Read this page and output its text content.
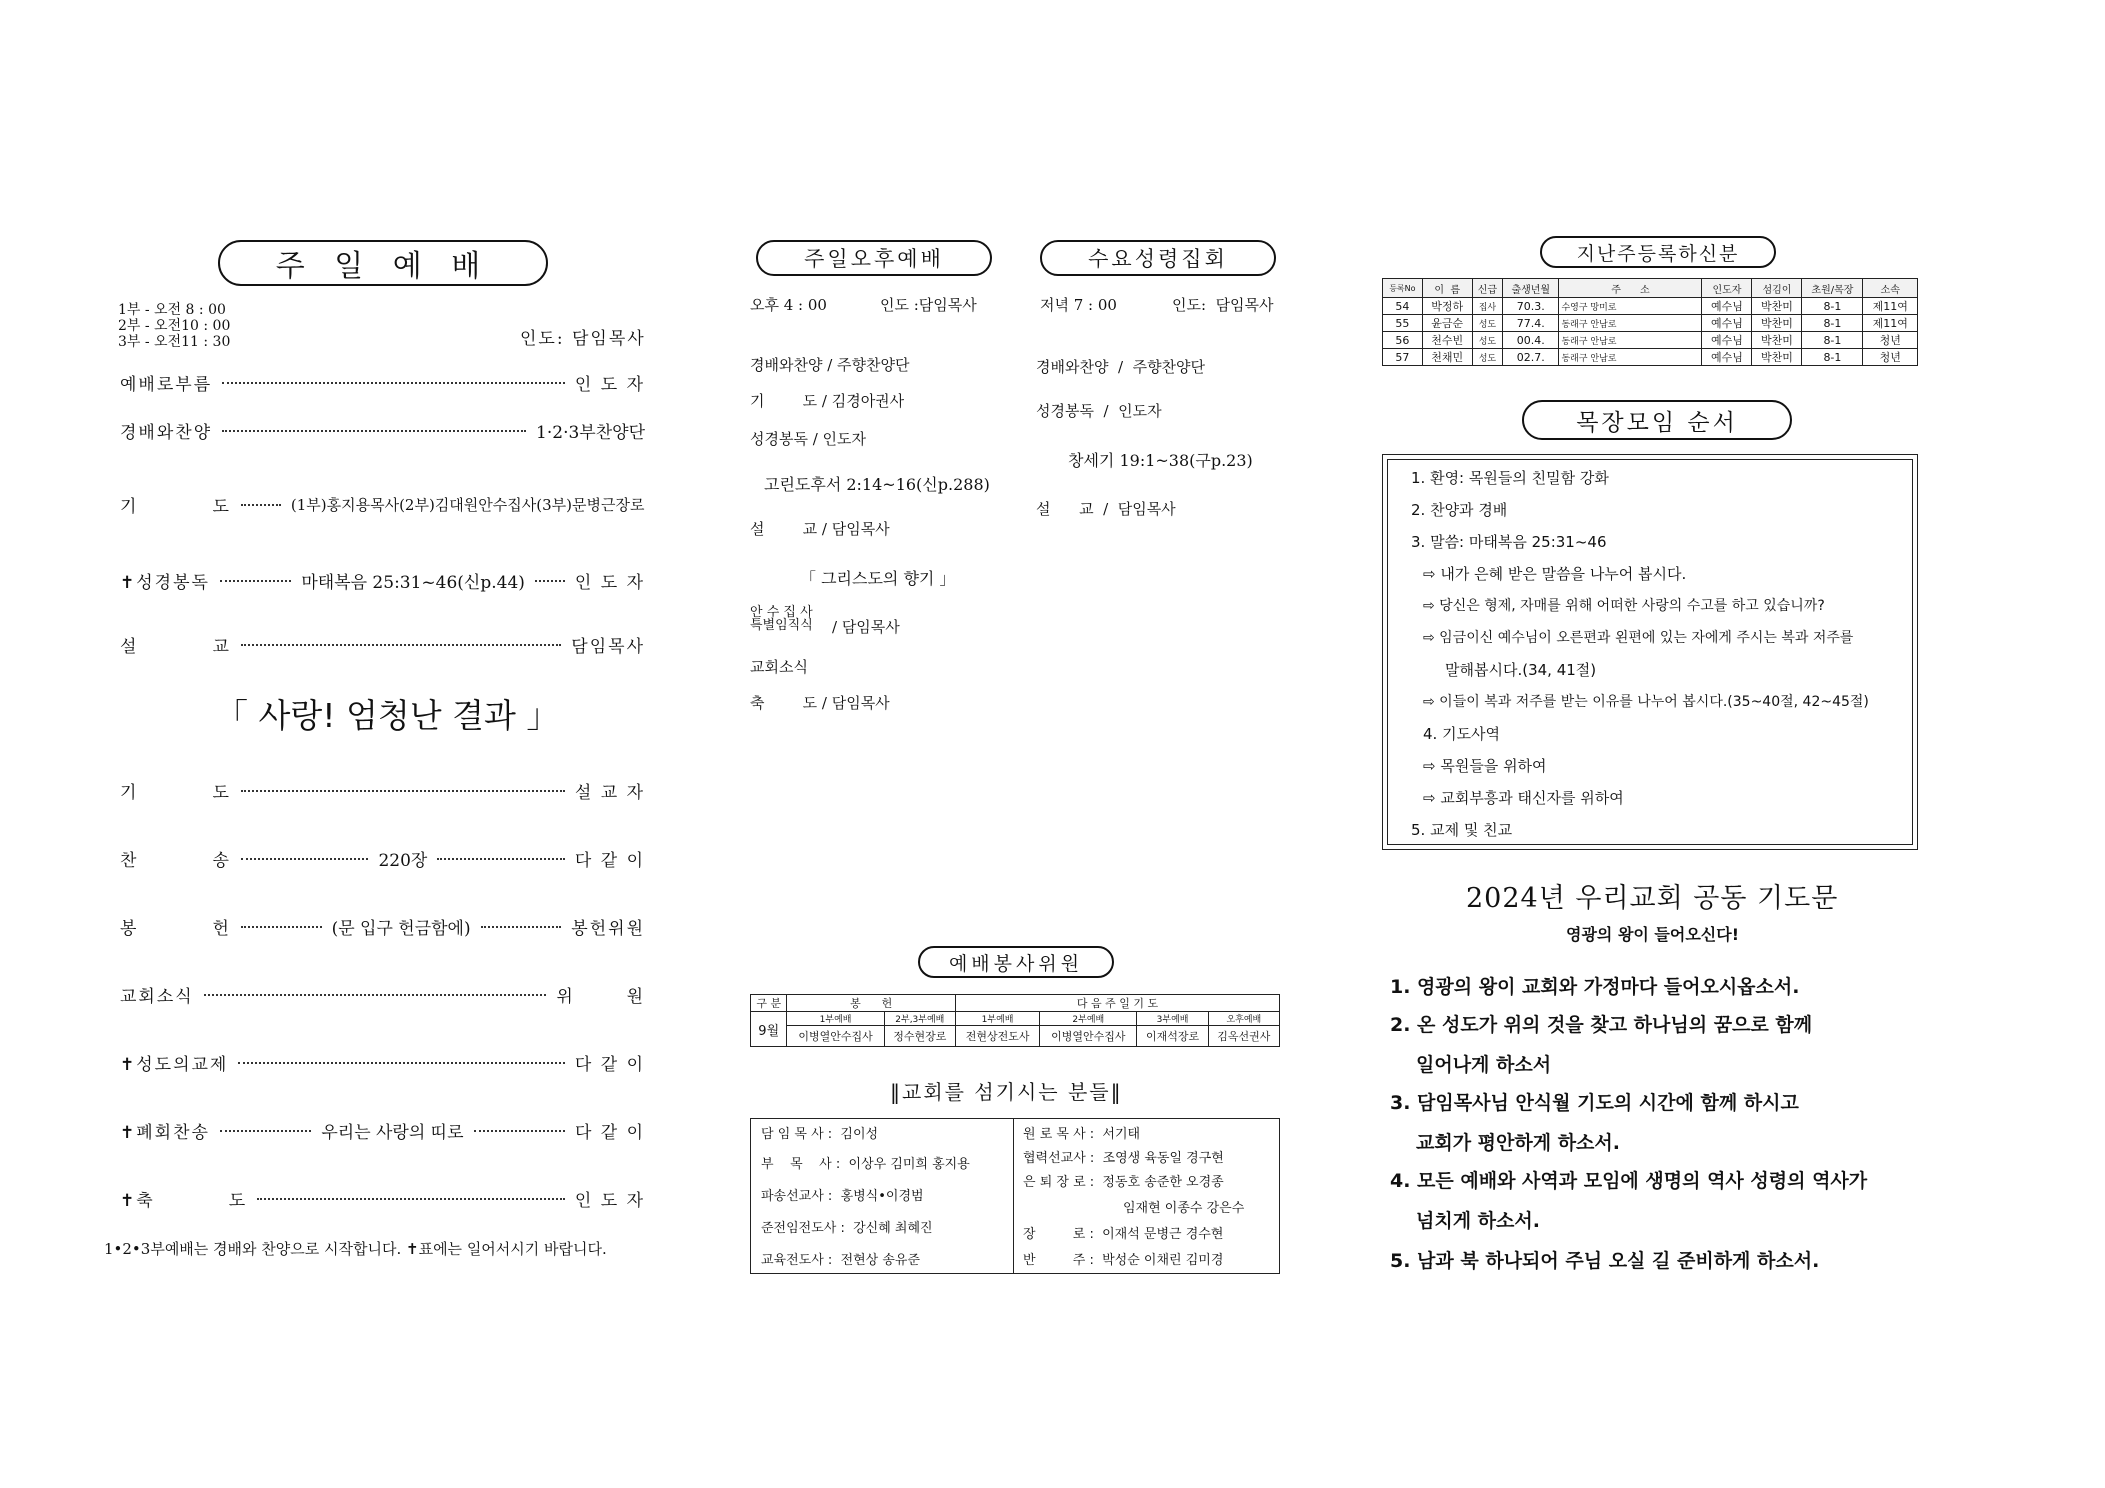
주 일 예 배
1부 - 오전 8 : 00
2부 - 오전10 : 00
3부 - 오전11 : 30	인도: 담임목사
예배로부름	인 도 자
경배와찬양	1·2·3부찬양단
기          도	(1부)홍지용목사(2부)김대원안수집사(3부)문병근장로
✝성경봉독	마태복음 25:31~46(신p.44)	인 도 자
설          교	담임목사
「 사랑! 엄청난 결과 」
기          도	설 교 자
찬          송	220장	다 같 이
봉          헌	(문 입구 헌금함에)	봉헌위원
교회소식	위       원
✝성도의교제	다 같 이
✝폐회찬송	우리는 사랑의 띠로	다 같 이
✝축          도	인 도 자
1•2•3부예배는 경배와 찬양으로 시작합니다. ✝표에는 일어서시기 바랍니다.
주일오후예배
오후 4 : 00	인도 :담임목사
경배와찬양 / 주향찬양단
기        도 / 김경아권사
성경봉독 / 인도자
고린도후서 2:14~16(신p.288)
설        교 / 담임목사
「 그리스도의 향기 」
안 수 집 사
특별임직식 / 담임목사
교회소식
축        도 / 담임목사
수요성령집회
저녁 7 : 00	인도:  담임목사
경배와찬양  /  주향찬양단
성경봉독  /  인도자
창세기 19:1~38(구p.23)
설      교  /  담임목사
예배봉사위원
구 분	봉      헌		다 음 주 일 기 도			
9월	1부예배	2부,3부예배	1부예배	2부예배	3부예배	오후예배
	이병열안수집사	정수현장로	전현상전도사	이병열안수집사	이재석장로	김옥선권사
‖교회를 섬기시는 분들‖
담 임 목 사 :  김이성
부    목    사 :  이상우 김미희 홍지용
파송선교사 :  홍병식•이경범
준전임전도사 :  강신혜 최혜진
교육전도사 :  전현상 송유준
원 로 목 사 :  서기태
협력선교사 :  조영생 육동일 경구현
은 퇴 장 로 :  정동호 송준한 오경종
임재현 이종수 강은수
장         로 :  이재석 문병근 경수현
반         주 :  박성순 이채린 김미경
지난주등록하신분
등록No	이  름	신급	출생년월	주      소	인도자	섬김이	초원/목장	소속
54	박정하	집사	70.3.	수영구 망미로	예수님	박찬미	8-1	제11여
55	윤금순	성도	77.4.	동래구 안남로	예수님	박찬미	8-1	제11여
56	천수빈	성도	00.4.	동래구 안남로	예수님	박찬미	8-1	청년
57	천채민	성도	02.7.	동래구 안남로	예수님	박찬미	8-1	청년
목장모임 순서
1. 환영: 목원들의 친밀함 강화
2. 찬양과 경배
3. 말씀: 마태복음 25:31~46
⇨ 내가 은혜 받은 말씀을 나누어 봅시다.
⇨ 당신은 형제, 자매를 위해 어떠한 사랑의 수고를 하고 있습니까?
⇨ 임금이신 예수님이 오른편과 왼편에 있는 자에게 주시는 복과 저주를
말해봅시다.(34, 41절)
⇨ 이들이 복과 저주를 받는 이유를 나누어 봅시다.(35~40절, 42~45절)
4. 기도사역
⇨ 목원들을 위하여
⇨ 교회부흥과 태신자를 위하여
5. 교제 및 친교
2024년 우리교회 공동 기도문
영광의 왕이 들어오신다!
1. 영광의 왕이 교회와 가정마다 들어오시옵소서.
2. 온 성도가 위의 것을 찾고 하나님의 꿈으로 함께
일어나게 하소서
3. 담임목사님 안식월 기도의 시간에 함께 하시고
교회가 평안하게 하소서.
4. 모든 예배와 사역과 모임에 생명의 역사 성령의 역사가
넘치게 하소서.
5. 남과 북 하나되어 주님 오실 길 준비하게 하소서.
